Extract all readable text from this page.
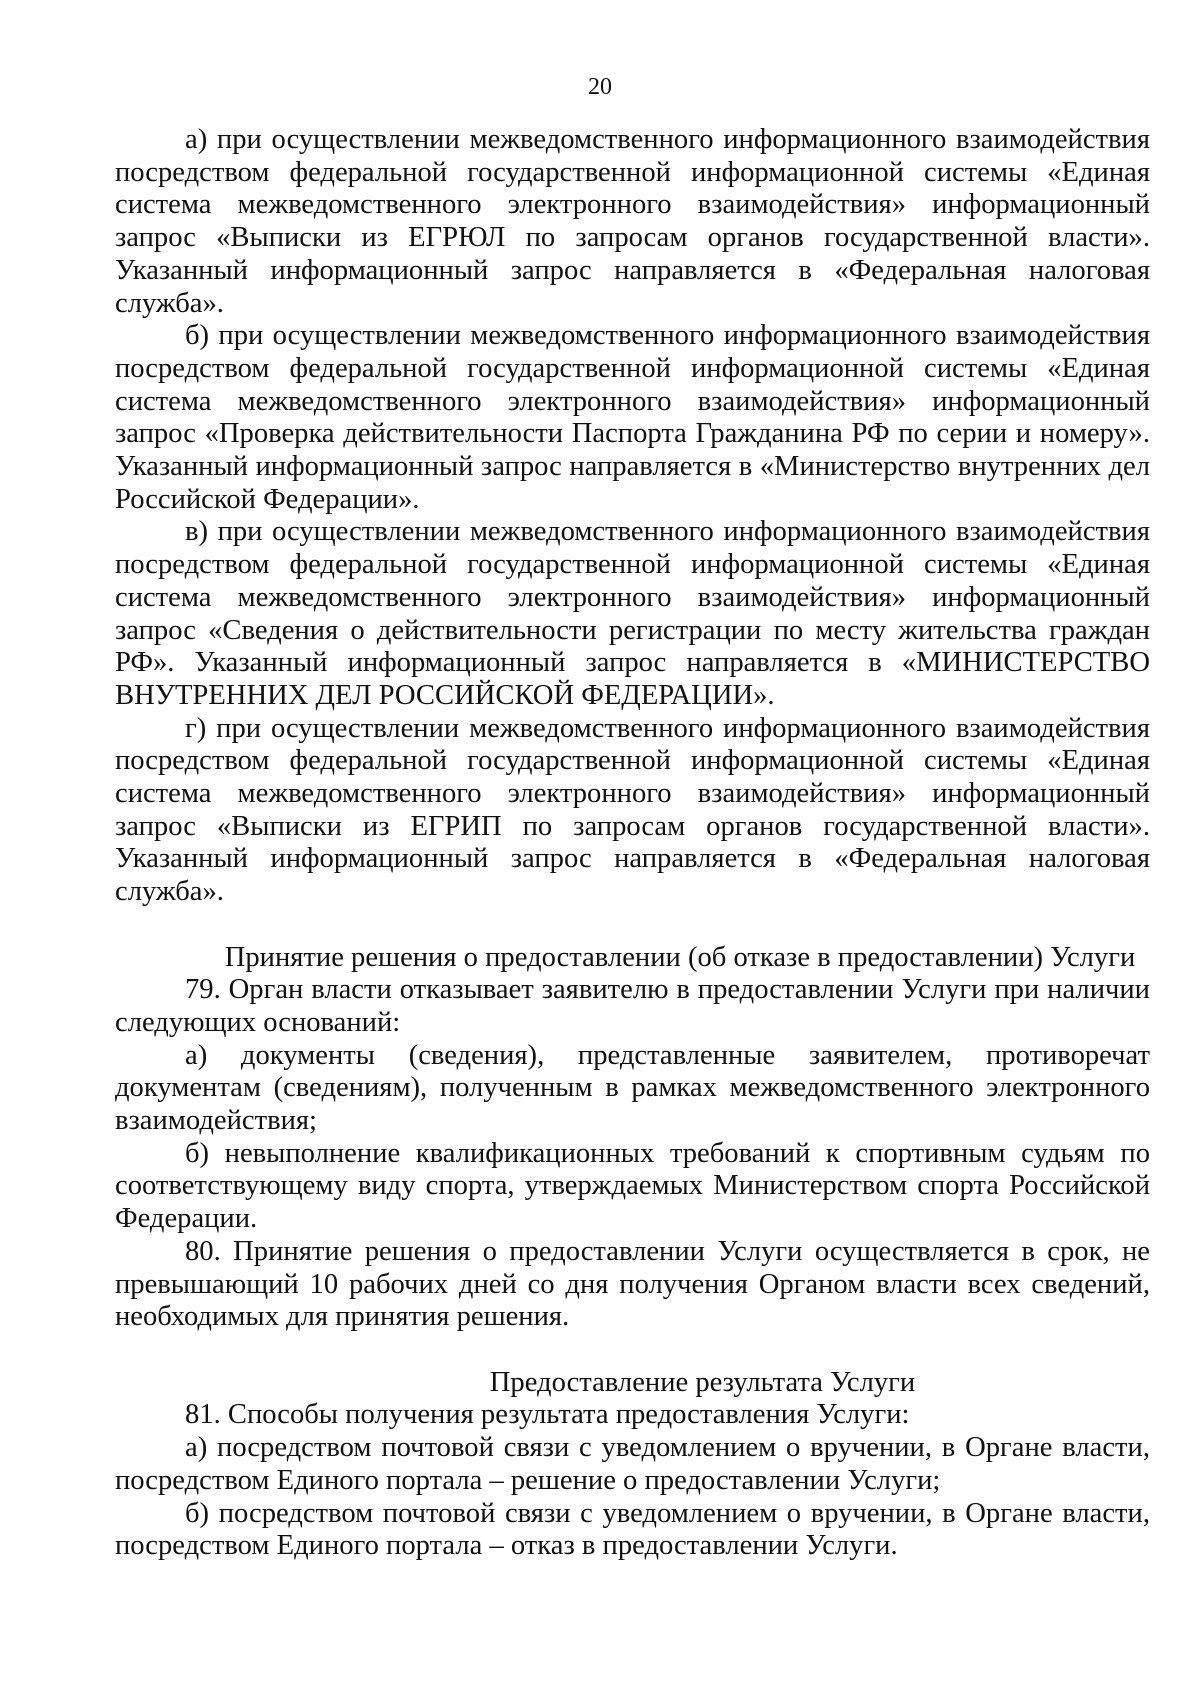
20

а) при осуществлении межведомственного информационного взаимодействия посредством федеральной государственной информационной системы «Единая система межведомственного электронного взаимодействия» информационный запрос «Выписки из ЕГРЮЛ по запросам органов государственной власти». Указанный информационный запрос направляется в «Федеральная налоговая служба».

б) при осуществлении межведомственного информационного взаимодействия посредством федеральной государственной информационной системы «Единая система межведомственного электронного взаимодействия» информационный запрос «Проверка действительности Паспорта Гражданина РФ по серии и номеру». Указанный информационный запрос направляется в «Министерство внутренних дел Российской Федерации».

в) при осуществлении межведомственного информационного взаимодействия посредством федеральной государственной информационной системы «Единая система межведомственного электронного взаимодействия» информационный запрос «Сведения о действительности регистрации по месту жительства граждан РФ». Указанный информационный запрос направляется в «МИНИСТЕРСТВО ВНУТРЕННИХ ДЕЛ РОССИЙСКОЙ ФЕДЕРАЦИИ».

г) при осуществлении межведомственного информационного взаимодействия посредством федеральной государственной информационной системы «Единая система межведомственного электронного взаимодействия» информационный запрос «Выписки из ЕГРИП по запросам органов государственной власти». Указанный информационный запрос направляется в «Федеральная налоговая служба».

Принятие решения о предоставлении (об отказе в предоставлении) Услуги

79. Орган власти отказывает заявителю в предоставлении Услуги при наличии следующих оснований:

а) документы (сведения), представленные заявителем, противоречат документам (сведениям), полученным в рамках межведомственного электронного взаимодействия;

б) невыполнение квалификационных требований к спортивным судьям по соответствующему виду спорта, утверждаемых Министерством спорта Российской Федерации.

80. Принятие решения о предоставлении Услуги осуществляется в срок, не превышающий 10 рабочих дней со дня получения Органом власти всех сведений, необходимых для принятия решения.

Предоставление результата Услуги

81. Способы получения результата предоставления Услуги:

а) посредством почтовой связи с уведомлением о вручении, в Органе власти, посредством Единого портала – решение о предоставлении Услуги;

б) посредством почтовой связи с уведомлением о вручении, в Органе власти, посредством Единого портала – отказ в предоставлении Услуги.
